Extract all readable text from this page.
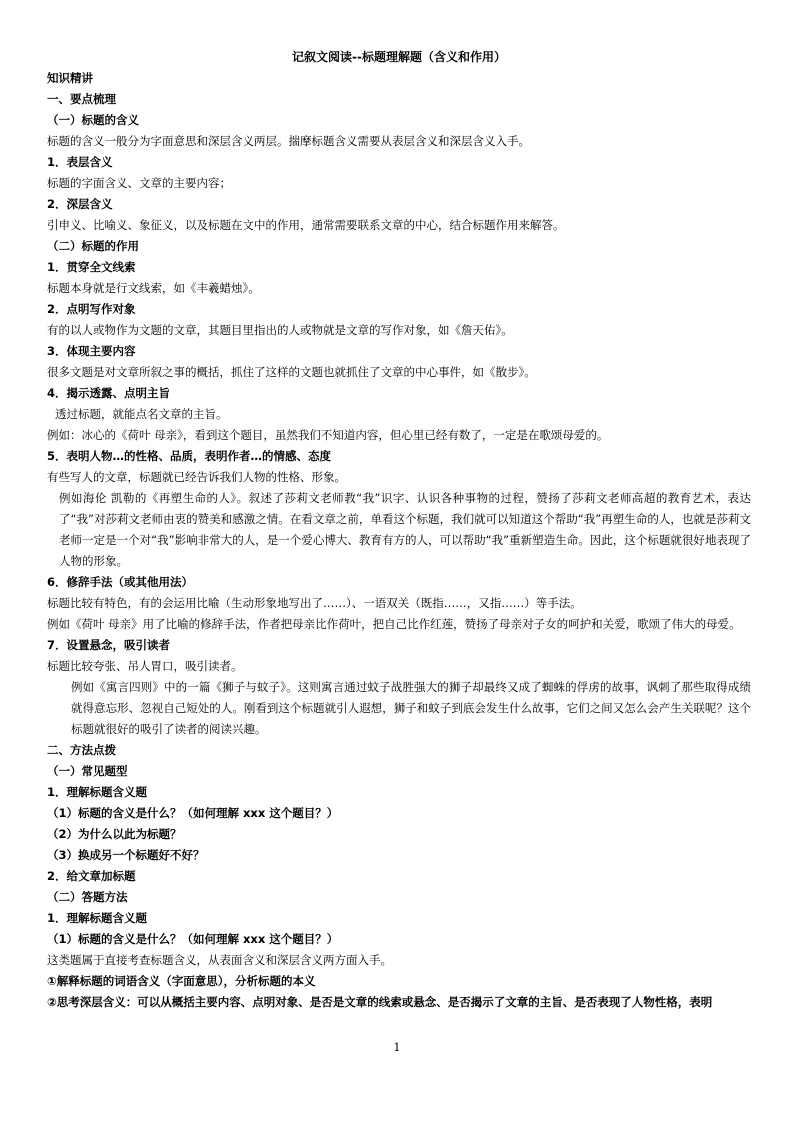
记叙文阅读--标题理解题（含义和作用）

知识精讲

一、要点梳理

（一）标题的含义

标题的含义一般分为字面意思和深层含义两层。揣摩标题含义需要从表层含义和深层含义入手。

1．表层含义

标题的字面含义、文章的主要内容；

2．深层含义

引申义、比喻义、象征义，以及标题在文中的作用，通常需要联系文章的中心，结合标题作用来解答。

（二）标题的作用

1．贯穿全文线索

标题本身就是行文线索，如《丰羲蜡烛》。

2．点明写作对象

有的以人或物作为文题的文章，其题目里指出的人或物就是文章的写作对象，如《詹天佑》。

3．体现主要内容

很多文题是对文章所叙之事的概括，抓住了这样的文题也就抓住了文章的中心事件，如《散步》。

4．揭示透露、点明主旨

透过标题，就能点名文章的主旨。

例如：冰心的《荷叶 母亲》，看到这个题目，虽然我们不知道内容，但心里已经有数了，一定是在歌颂母爱的。

5．表明人物…的性格、品质，表明作者…的情感、态度

有些写人的文章，标题就已经告诉我们人物的性格、形象。

例如海伦 凯勒的《再塑生命的人》。叙述了莎莉文老师教“我”识字、认识各种事物的过程，赞扬了莎莉文老师高超的教育艺术，表达了“我”对莎莉文老师由衷的赞美和感激之情。在看文章之前，单看这个标题，我们就可以知道这个帮助“我”再塑生命的人，也就是莎莉文老师一定是一个对“我”影响非常大的人，是一个爱心博大、教育有方的人，可以帮助“我”重新塑造生命。因此，这个标题就很好地表现了人物的形象。

6．修辞手法（或其他用法）

标题比较有特色，有的会运用比喻（生动形象地写出了……）、一语双关（既指……，又指……）等手法。

例如《荷叶 母亲》用了比喻的修辞手法，作者把母亲比作荷叶，把自己比作红莲，赞扬了母亲对子女的呵护和关爱，歌颂了伟大的母爱。

7．设置悬念，吸引读者

标题比较夸张、吊人胃口，吸引读者。

例如《寓言四则》中的一篇《狮子与蚊子》。这则寓言通过蚊子战胜强大的狮子却最终又成了蜘蛛的俘虏的故事，讽刺了那些取得成绩就得意忘形、忽视自己短处的人。刚看到这个标题就引人遐想，狮子和蚊子到底会发生什么故事，它们之间又怎么会产生关联呢？这个标题就很好的吸引了读者的阅读兴趣。

二、方法点拨

（一）常见题型

1．理解标题含义题

（1）标题的含义是什么？（如何理解 xxx 这个题目？）

（2）为什么以此为标题？

（3）换成另一个标题好不好？

2．给文章加标题

（二）答题方法

1．理解标题含义题

（1）标题的含义是什么？（如何理解 xxx 这个题目？）

这类题属于直接考查标题含义，从表面含义和深层含义两方面入手。

①解释标题的词语含义（字面意思），分析标题的本义

②思考深层含义：可以从概括主要内容、点明对象、是否是文章的线索或悬念、是否揭示了文章的主旨、是否表现了人物性格，表明

1
